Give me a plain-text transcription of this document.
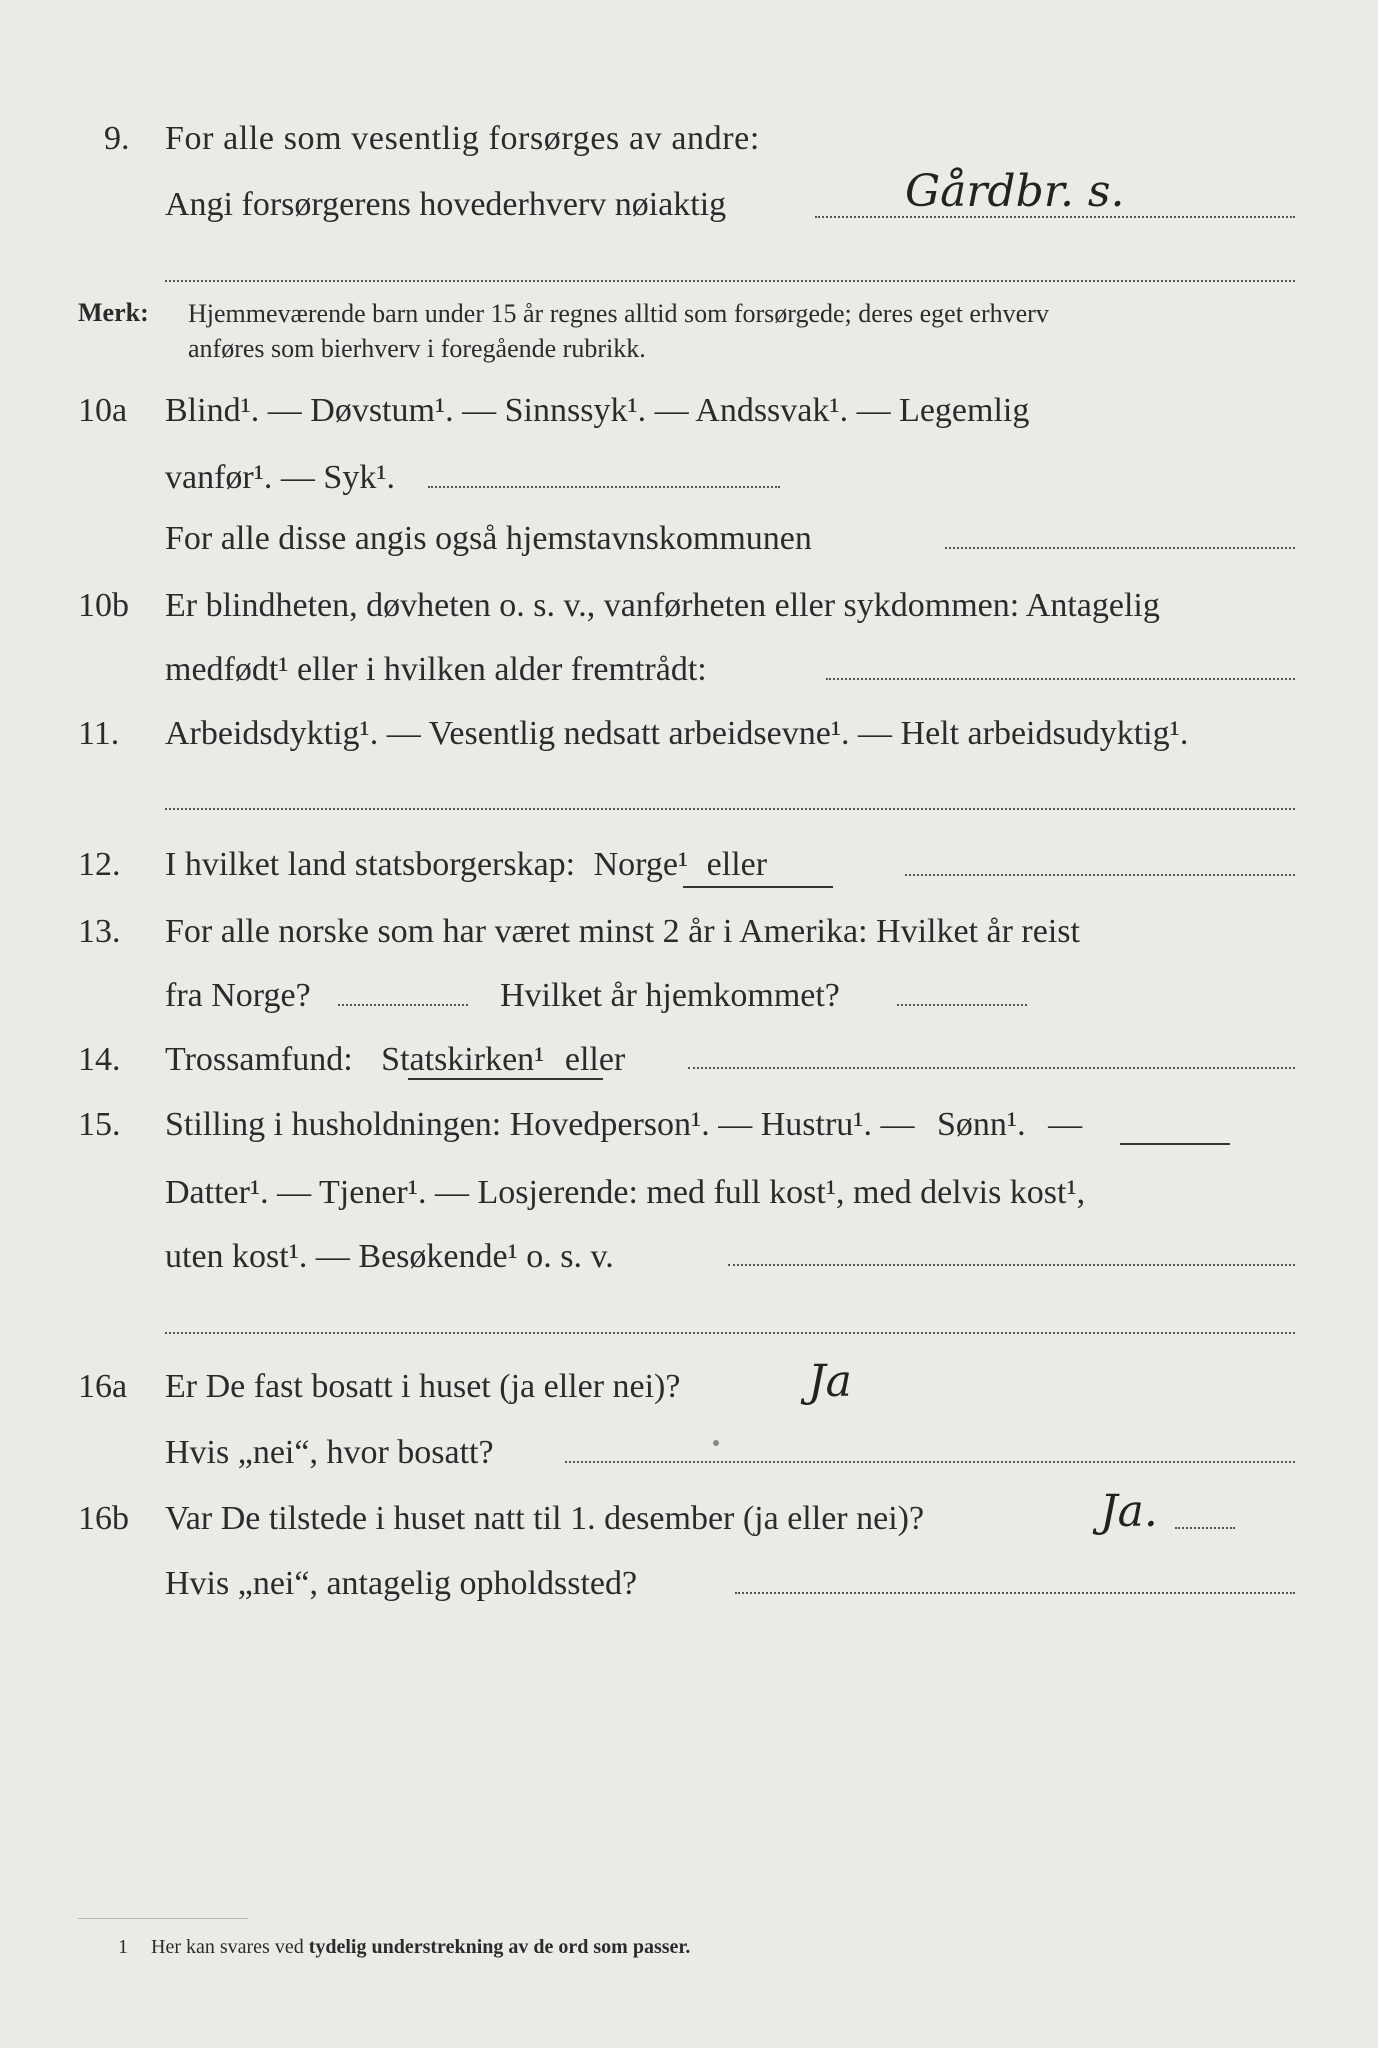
9. For alle som vesentlig forsørges av andre:
Angi forsørgerens hovederhverv nøiaktig	Gårdbr. s.
Merk: Hjemmeværende barn under 15 år regnes alltid som forsørgede; deres eget erhverv
anføres som bierhverv i foregående rubrikk.
10a Blind¹. — Døvstum¹. — Sinnssyk¹. — Andssvak¹. — Legemlig
vanfør¹. — Syk¹.
For alle disse angis også hjemstavnskommunen
10b Er blindheten, døvheten o. s. v., vanførheten eller sykdommen: Antagelig
medfødt¹ eller i hvilken alder fremtrådt:
11. Arbeidsdyktig¹. — Vesentlig nedsatt arbeidsevne¹. — Helt arbeidsudyktig¹.
12. I hvilket land statsborgerskap: Norge¹ eller
13. For alle norske som har været minst 2 år i Amerika: Hvilket år reist
fra Norge?	Hvilket år hjemkommet?
14. Trossamfund: Statskirken¹ eller
15. Stilling i husholdningen: Hovedperson¹. — Hustru¹. — Sønn¹. —
Datter¹. — Tjener¹. — Losjerende: med full kost¹, med delvis kost¹,
uten kost¹. — Besøkende¹ o. s. v.
16a Er De fast bosatt i huset (ja eller nei)?	Ja
Hvis „nei“, hvor bosatt?
16b Var De tilstede i huset natt til 1. desember (ja eller nei)?	Ja.
Hvis „nei“, antagelig opholdssted?
1 Her kan svares ved tydelig understrekning av de ord som passer.
